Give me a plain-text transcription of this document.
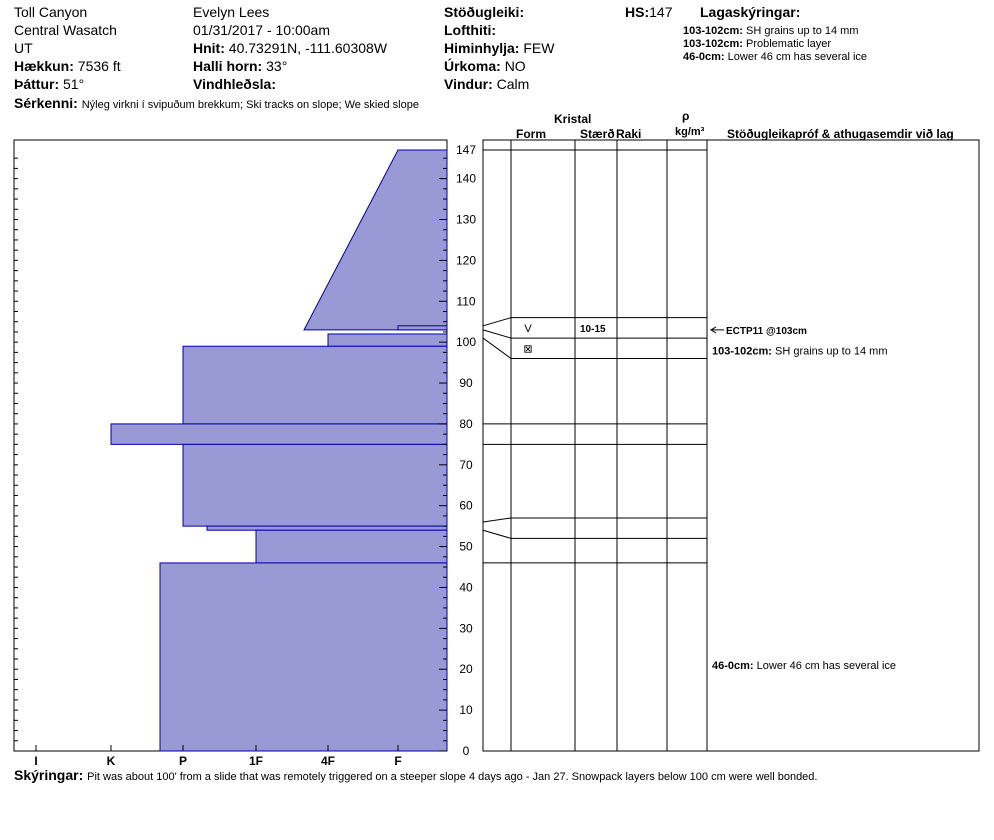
Toll Canyon
Central Wasatch
UT
Hækkun: 7536 ft
Þáttur: 51°
Evelyn Lees
01/31/2017 - 10:00am
Hnit: 40.73291N, -111.60308W
Halli horn: 33°
Vindhleðsla:
Stöðugleiki:
Lofthiti:
Himinhylja: FEW
Úrkoma: NO
Vindur: Calm
HS:147 Lagaskýringar:
103-102cm: SH grains up to 14 mm
103-102cm: Problematic layer
46-0cm: Lower 46 cm has several ice
Sérkenni: Nýleg virkni í svipuðum brekkum; Ski tracks on slope; We skied slope
Kristal
Form	Stærð Raki
ρ
kg/m³ Stöðugleikapróf & athugasemdir við lag
0
10
20
30
40
50
60
70
80
90
100
110
120
130
140
147
I	K	P	1F	4F	F
V	10-15
⊠
ECTP11 @103cm
103-102cm: SH grains up to 14 mm
46-0cm: Lower 46 cm has several ice
Skýringar: Pit was about 100' from a slide that was remotely triggered on a steeper slope 4 days ago - Jan 27. Snowpack layers below 100 cm were well bonded.
